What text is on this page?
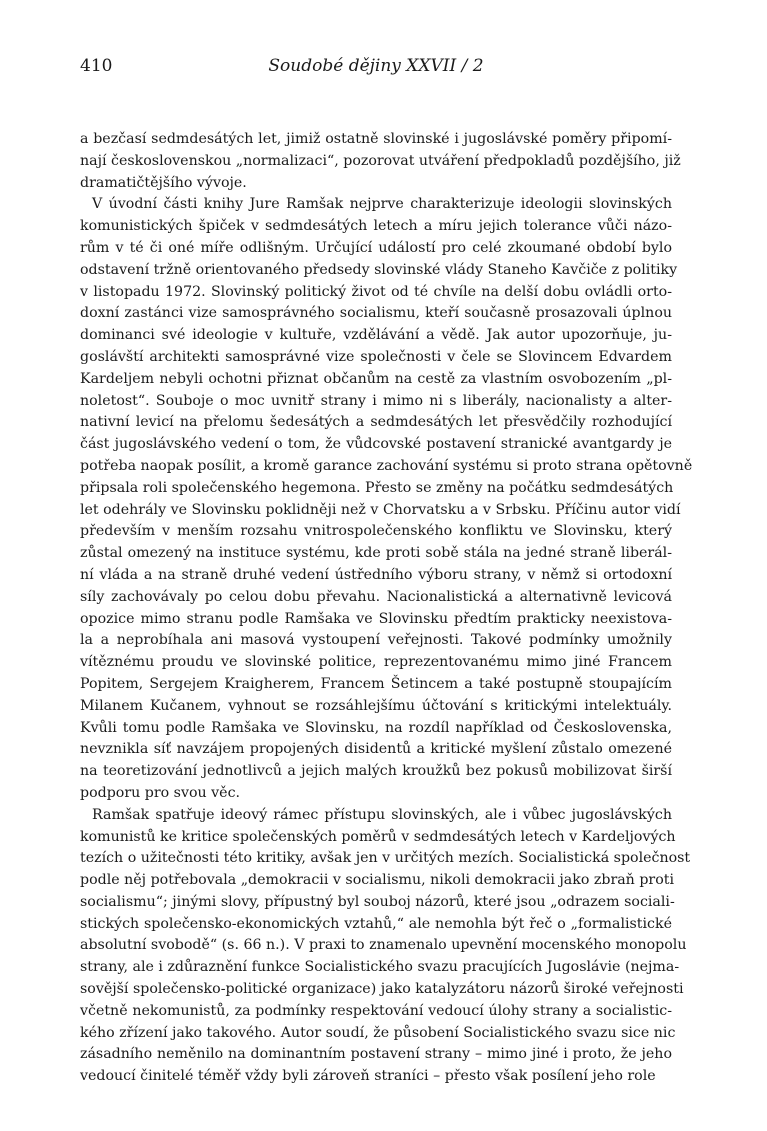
410	Soudobé dějiny XXVII / 2
a bezčasí sedmdesátých let, jimiž ostatně slovinské i jugoslávské poměry připomí-
nají československou „normalizaci“, pozorovat utváření předpokladů pozdějšího, již
dramatičtějšího vývoje.
V úvodní části knihy Jure Ramšak nejprve charakterizuje ideologii slovinských
komunistických špiček v sedmdesátých letech a míru jejich tolerance vůči názo-
rům v té či oné míře odlišným. Určující událostí pro celé zkoumané období bylo
odstavení tržně orientovaného předsedy slovinské vlády Staneho Kavčiče z politiky
v listopadu 1972. Slovinský politický život od té chvíle na delší dobu ovládli orto-
doxní zastánci vize samosprávného socialismu, kteří současně prosazovali úplnou
dominanci své ideologie v kultuře, vzdělávání a vědě. Jak autor upozorňuje, ju-
goslávští architekti samosprávné vize společnosti v čele se Slovincem Edvardem
Kardeljem nebyli ochotni přiznat občanům na cestě za vlastním osvobozením „pl-
noletost“. Souboje o moc uvnitř strany i mimo ni s liberály, nacionalisty a alter-
nativní levicí na přelomu šedesátých a sedmdesátých let přesvědčily rozhodující
část jugoslávského vedení o tom, že vůdcovské postavení stranické avantgardy je
potřeba naopak posílit, a kromě garance zachování systému si proto strana opětovně
připsala roli společenského hegemona. Přesto se změny na počátku sedmdesátých
let odehrály ve Slovinsku poklidněji než v Chorvatsku a v Srbsku. Příčinu autor vidí
především v menším rozsahu vnitrospolečenského konfliktu ve Slovinsku, který
zůstal omezený na instituce systému, kde proti sobě stála na jedné straně liberál-
ní vláda a na straně druhé vedení ústředního výboru strany, v němž si ortodoxní
síly zachovávaly po celou dobu převahu. Nacionalistická a alternativně levicová
opozice mimo stranu podle Ramšaka ve Slovinsku předtím prakticky neexistova-
la a neprobíhala ani masová vystoupení veřejnosti. Takové podmínky umožnily
vítěznému proudu ve slovinské politice, reprezentovanému mimo jiné Francem
Popitem, Sergejem Kraigherem, Francem Šetincem a také postupně stoupajícím
Milanem Kučanem, vyhnout se rozsáhlejšímu účtování s kritickými intelektuály.
Kvůli tomu podle Ramšaka ve Slovinsku, na rozdíl například od Československa,
nevznikla síť navzájem propojených disidentů a kritické myšlení zůstalo omezené
na teoretizování jednotlivců a jejich malých kroužků bez pokusů mobilizovat širší
podporu pro svou věc.
Ramšak spatřuje ideový rámec přístupu slovinských, ale i vůbec jugoslávských
komunistů ke kritice společenských poměrů v sedmdesátých letech v Kardeljových
tezích o užitečnosti této kritiky, avšak jen v určitých mezích. Socialistická společnost
podle něj potřebovala „demokracii v socialismu, nikoli demokracii jako zbraň proti
socialismu“; jinými slovy, přípustný byl souboj názorů, které jsou „odrazem sociali-
stických společensko-ekonomických vztahů,“ ale nemohla být řeč o „formalistické
absolutní svobodě“ (s. 66 n.). V praxi to znamenalo upevnění mocenského monopolu
strany, ale i zdůraznění funkce Socialistického svazu pracujících Jugoslávie (nejma-
sovější společensko-politické organizace) jako katalyzátoru názorů široké veřejnosti
včetně nekomunistů, za podmínky respektování vedoucí úlohy strany a socialistic-
kého zřízení jako takového. Autor soudí, že působení Socialistického svazu sice nic
zásadního neměnilo na dominantním postavení strany – mimo jiné i proto, že jeho
vedoucí činitelé téměř vždy byli zároveň straníci – přesto však posílení jeho role
